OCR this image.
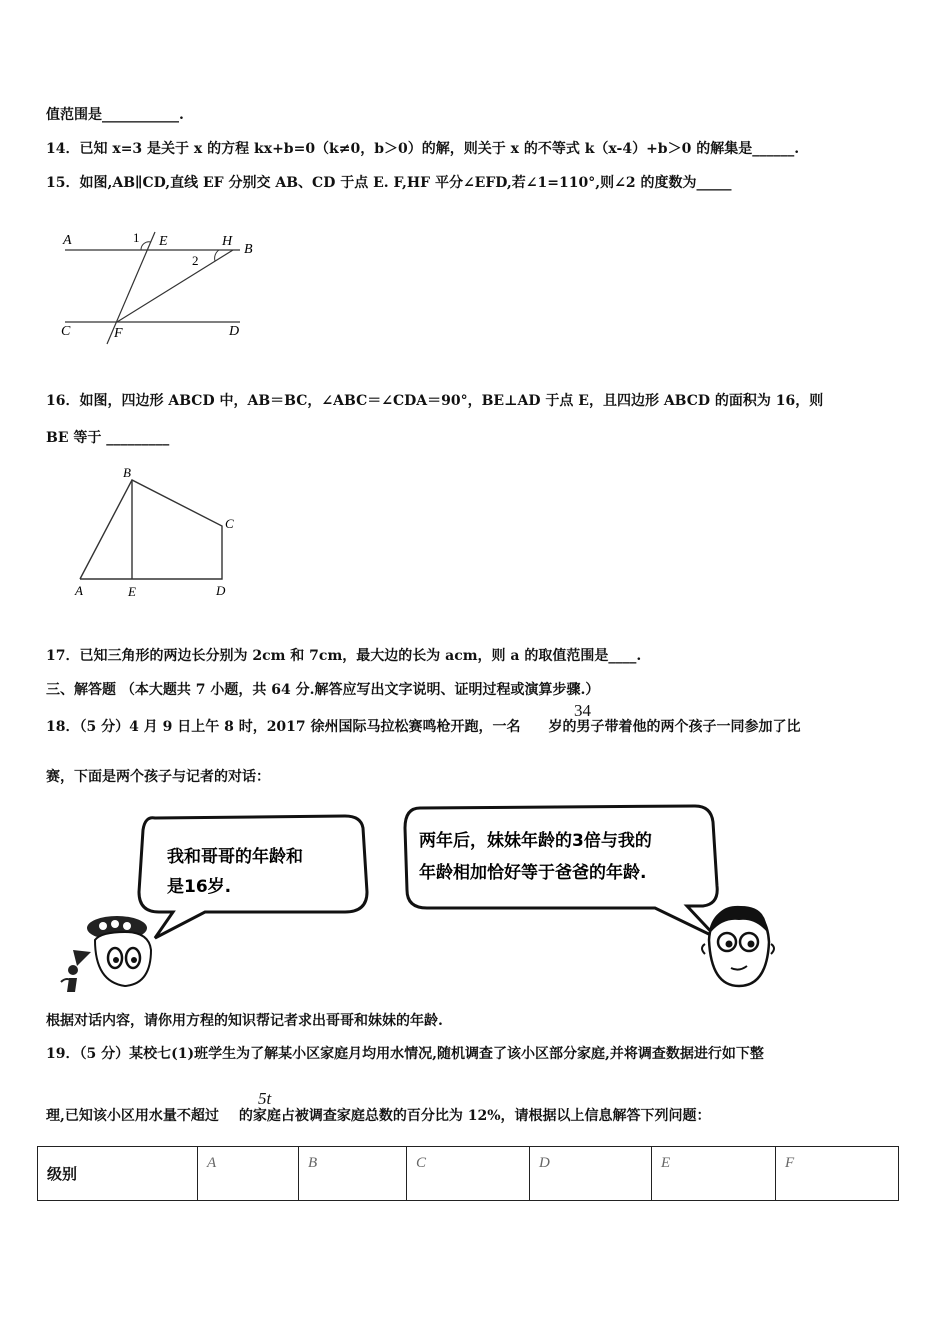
值范围是___________.
14．已知 x=3 是关于 x 的方程 kx+b=0（k≠0，b＞0）的解，则关于 x 的不等式 k（x-4）+b＞0 的解集是______.
15．如图,AB∥CD,直线 EF 分别交 AB、CD 于点 E. F,HF 平分∠EFD,若∠1=110°,则∠2 的度数为_____
A	1 E	H
B
2
C	F	D
16．如图，四边形 ABCD 中，AB＝BC，∠ABC＝∠CDA＝90°，BE⊥AD 于点 E，且四边形 ABCD 的面积为 16，则
BE 等于 _________
B
C
A	E	D
17．已知三角形的两边长分别为 2cm 和 7cm，最大边的长为 acm，则 a 的取值范围是____.
三、解答题 （本大题共 7 小题，共 64 分.解答应写出文字说明、证明过程或演算步骤.）
18．（5 分）4 月 9 日上午 8 时，2017 徐州国际马拉松赛鸣枪开跑，一名 岁的男子带着他的两个孩子一同参加了比
34
赛，下面是两个孩子与记者的对话：
我和哥哥的年龄和
是16岁.
两年后，妹妹年龄的3倍与我的
年龄相加恰好等于爸爸的年龄.
根据对话内容，请你用方程的知识帮记者求出哥哥和妹妹的年龄.
19．（5 分）某校七(1)班学生为了解某小区家庭月均用水情况,随机调查了该小区部分家庭,并将调查数据进行如下整
理,已知该小区用水量不超过 的家庭占被调查家庭总数的百分比为 12%，请根据以上信息解答下列问题：
5t
级别	A	B	C	D	E	F
